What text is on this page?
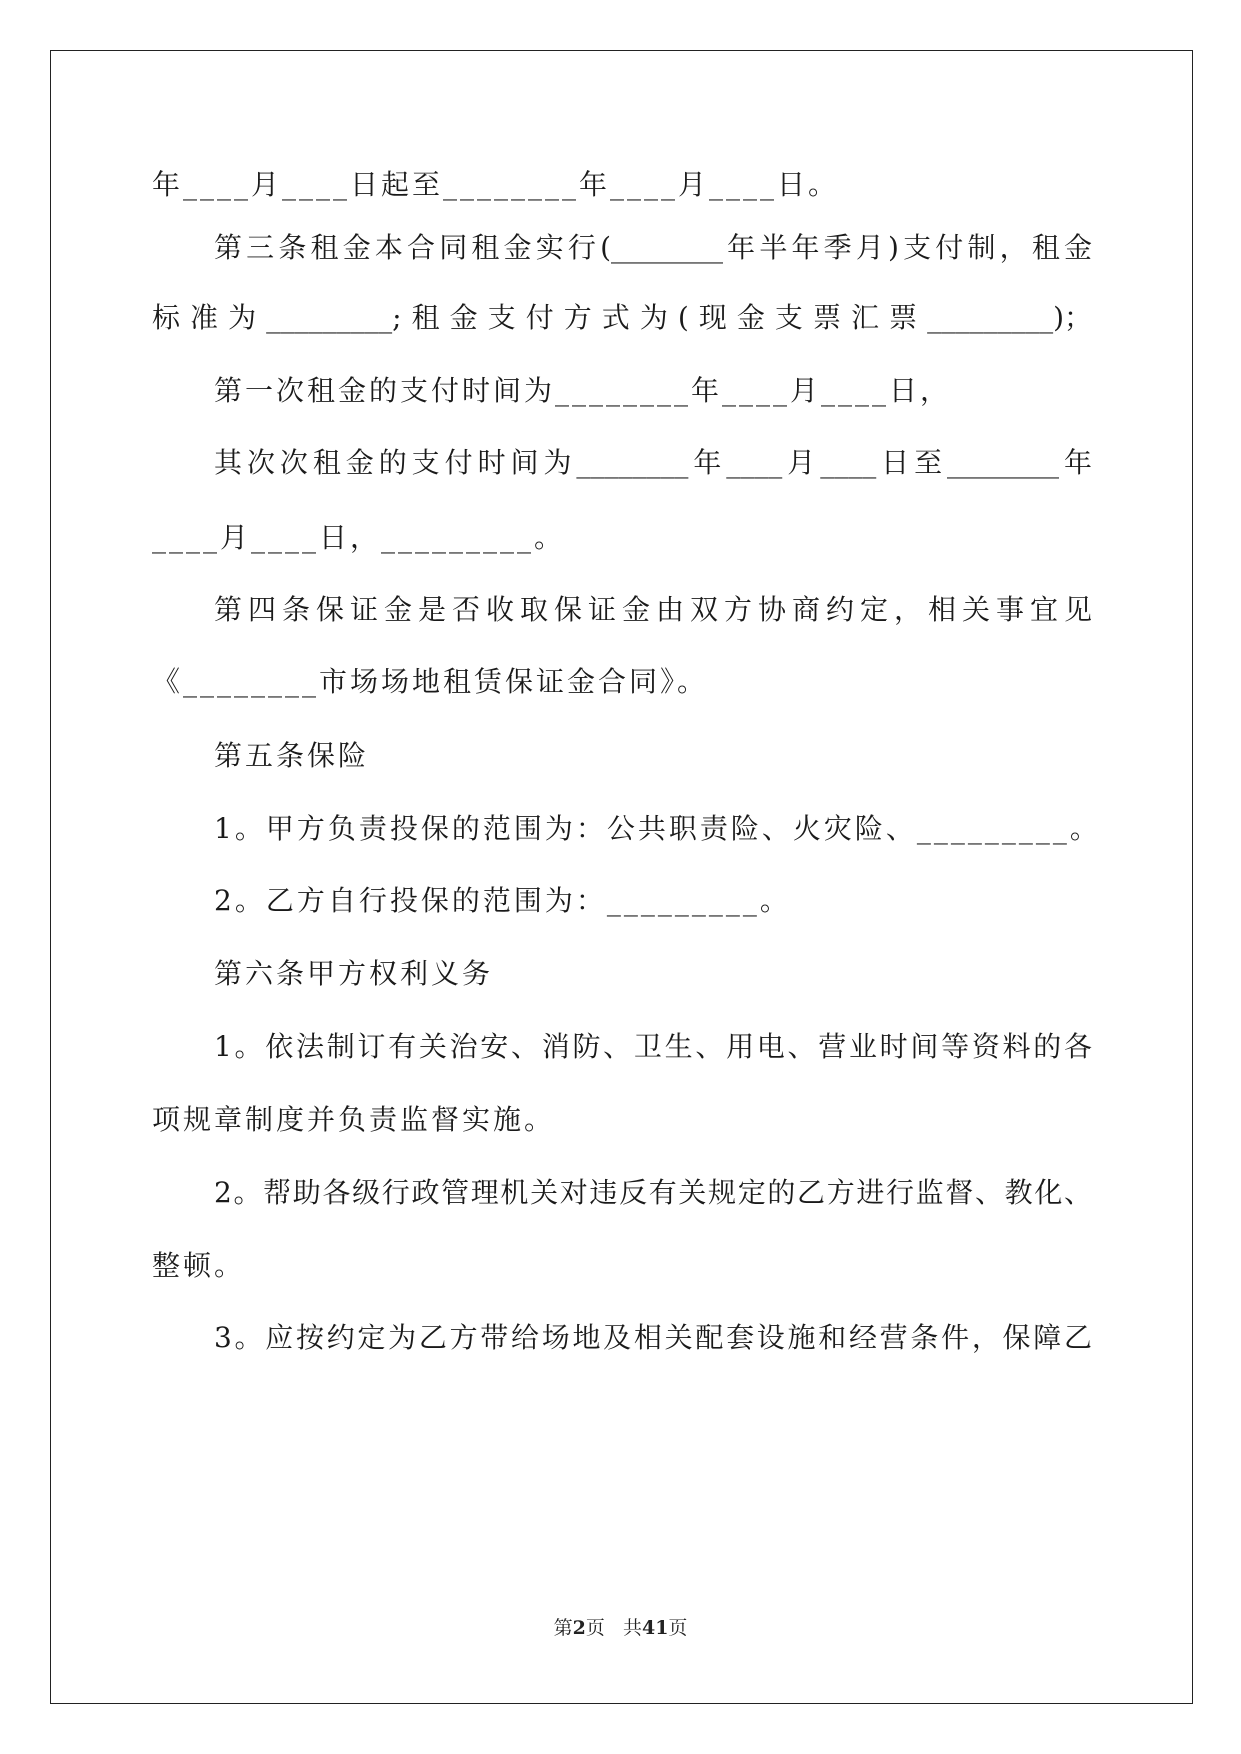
年____月____日起至________年____月____日。
第三条租金本合同租金实行(________年半年季月)支付制，租金
标准为_________;租金支付方式为(现金支票汇票_________)；
第一次租金的支付时间为________年____月____日，
其次次租金的支付时间为________年____月____日至________年
____月____日，_________。
第四条保证金是否收取保证金由双方协商约定，相关事宜见
《________市场场地租赁保证金合同》。
第五条保险
1。甲方负责投保的范围为：公共职责险、火灾险、_________。
2。乙方自行投保的范围为：_________。
第六条甲方权利义务
1。依法制订有关治安、消防、卫生、用电、营业时间等资料的各
项规章制度并负责监督实施。
2。帮助各级行政管理机关对违反有关规定的乙方进行监督、教化、
整顿。
3。应按约定为乙方带给场地及相关配套设施和经营条件，保障乙
第2页 共41页
